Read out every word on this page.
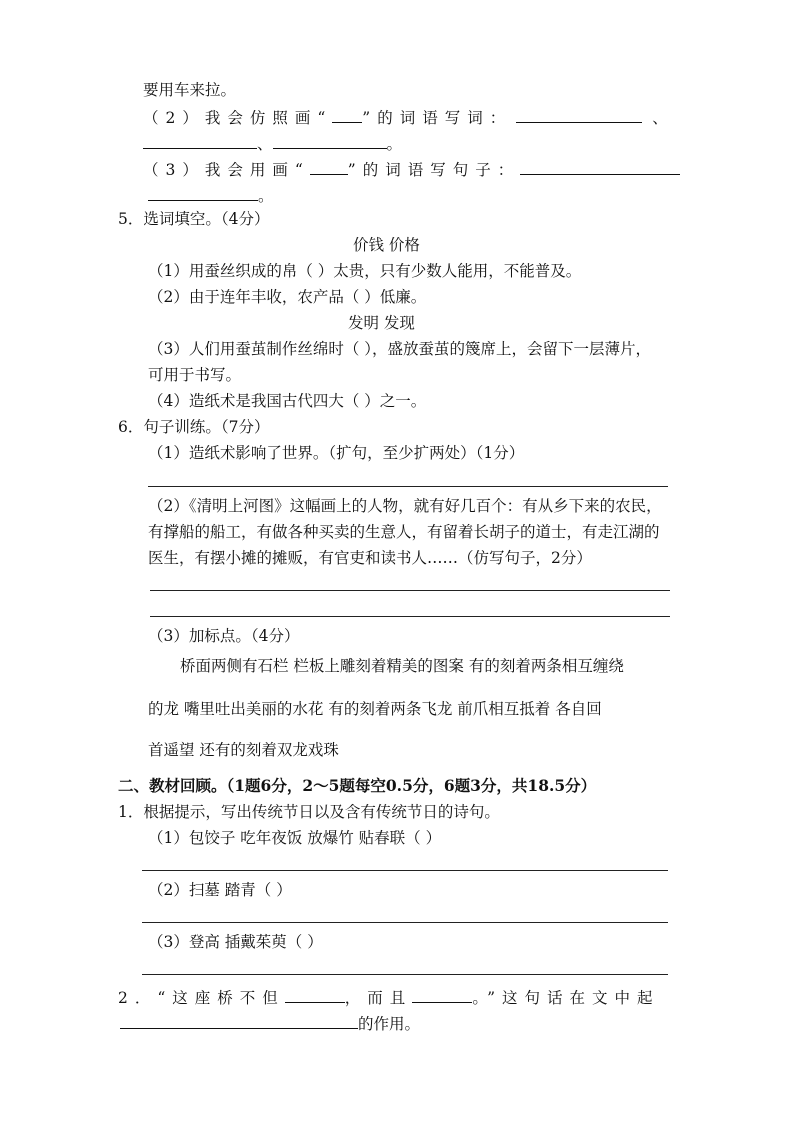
要用车来拉。
（2）我会仿照画“ ”的词语写词：	、
、	。
（3）我会用画“ ”的词语写句子：
。
5．选词填空。（4分）
价钱 价格
（1）用蚕丝织成的帛（ ）太贵，只有少数人能用，不能普及。
（2）由于连年丰收，农产品（ ）低廉。
发明 发现
（3）人们用蚕茧制作丝绵时（ ），盛放蚕茧的篾席上，会留下一层薄片，
可用于书写。
（4）造纸术是我国古代四大（ ）之一。
6．句子训练。（7分）
（1）造纸术影响了世界。（扩句，至少扩两处）（1分）
（2）《清明上河图》这幅画上的人物，就有好几百个：有从乡下来的农民，
有撑船的船工，有做各种买卖的生意人，有留着长胡子的道士，有走江湖的
医生，有摆小摊的摊贩，有官吏和读书人……（仿写句子，2分）
（3）加标点。（4分）
桥面两侧有石栏 栏板上雕刻着精美的图案 有的刻着两条相互缠绕
的龙 嘴里吐出美丽的水花 有的刻着两条飞龙 前爪相互抵着 各自回
首遥望 还有的刻着双龙戏珠
二、教材回顾。（1题6分，2～5题每空0.5分，6题3分，共18.5分）
1．根据提示，写出传统节日以及含有传统节日的诗句。
（1）包饺子 吃年夜饭 放爆竹 贴春联（ ）
（2）扫墓 踏青（ ）
（3）登高 插戴茱萸（ ）
2．“这座桥不但	，而且	。”这句话在文中起
的作用。
